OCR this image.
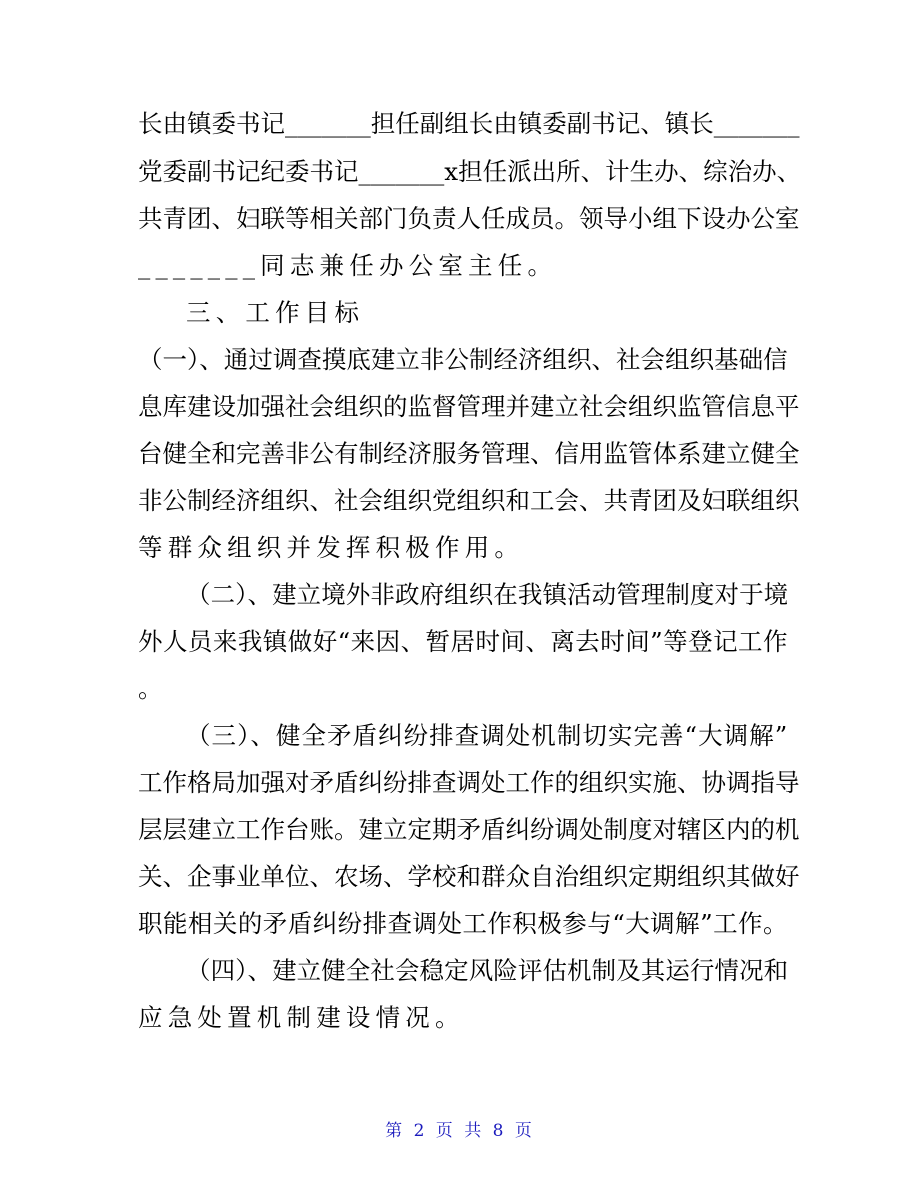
长由镇委书记_______担任副组长由镇委副书记、镇长_______
党委副书记纪委书记_______x担任派出所、计生办、综治办、
共青团、妇联等相关部门负责人任成员。领导小组下设办公室
_______同志兼任办公室主任。
三、工作目标
（一）、通过调查摸底建立非公制经济组织、社会组织基础信
息库建设加强社会组织的监督管理并建立社会组织监管信息平
台健全和完善非公有制经济服务管理、信用监管体系建立健全
非公制经济组织、社会组织党组织和工会、共青团及妇联组织
等群众组织并发挥积极作用。
（二）、建立境外非政府组织在我镇活动管理制度对于境
外人员来我镇做好“来因、暂居时间、离去时间”等登记工作
。
（三）、健全矛盾纠纷排查调处机制切实完善“大调解”
工作格局加强对矛盾纠纷排查调处工作的组织实施、协调指导
层层建立工作台账。建立定期矛盾纠纷调处制度对辖区内的机
关、企事业单位、农场、学校和群众自治组织定期组织其做好
职能相关的矛盾纠纷排查调处工作积极参与“大调解”工作。
（四）、建立健全社会稳定风险评估机制及其运行情况和
应急处置机制建设情况。
第 2 页 共 8 页
